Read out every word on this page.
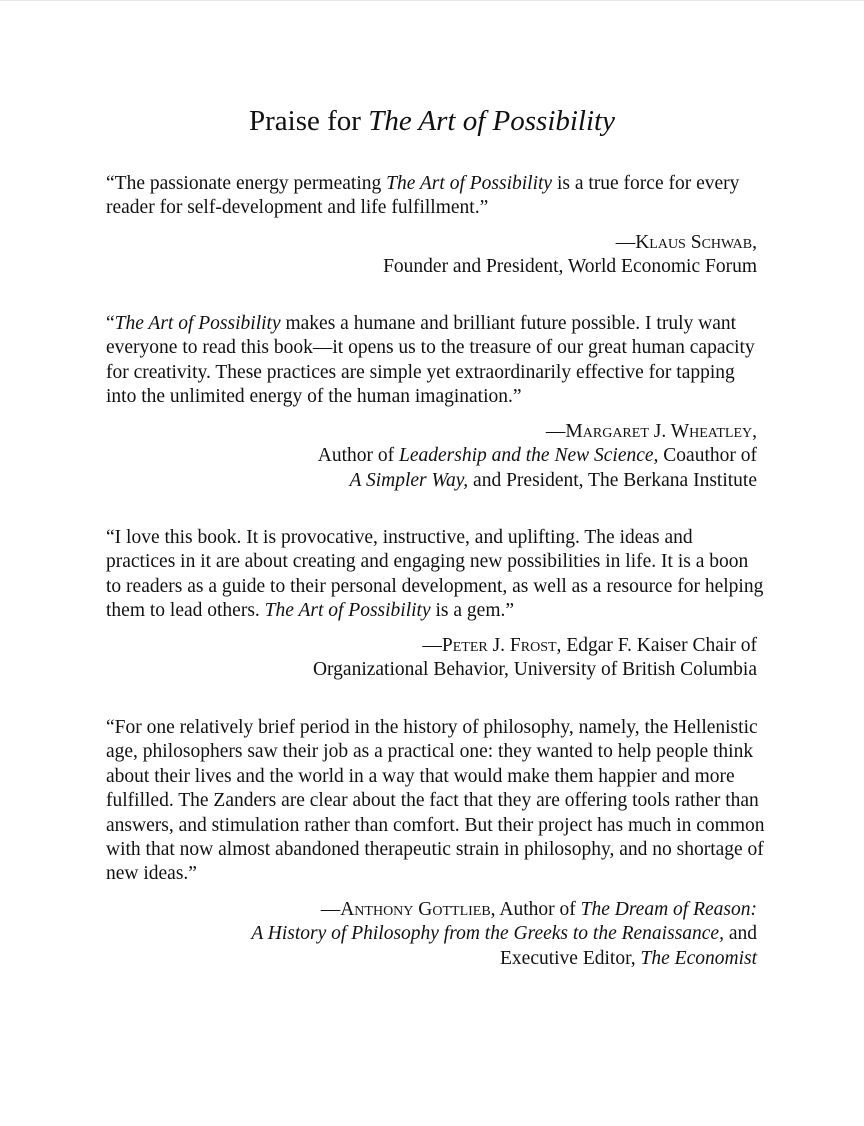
Praise for The Art of Possibility

“The passionate energy permeating The Art of Possibility is a true force for every reader for self-development and life fulfillment.”

—Klaus Schwab,
Founder and President, World Economic Forum

“The Art of Possibility makes a humane and brilliant future possible. I truly want everyone to read this book—it opens us to the treasure of our great human capacity for creativity. These practices are simple yet extraordinarily effective for tapping into the unlimited energy of the human imagination.”

—Margaret J. Wheatley,
Author of Leadership and the New Science, Coauthor of
A Simpler Way, and President, The Berkana Institute

“I love this book. It is provocative, instructive, and uplifting. The ideas and practices in it are about creating and engaging new possibilities in life. It is a boon to readers as a guide to their personal development, as well as a resource for helping them to lead others. The Art of Possibility is a gem.”

—Peter J. Frost, Edgar F. Kaiser Chair of
Organizational Behavior, University of British Columbia

“For one relatively brief period in the history of philosophy, namely, the Hellenistic age, philosophers saw their job as a practical one: they wanted to help people think about their lives and the world in a way that would make them happier and more fulfilled. The Zanders are clear about the fact that they are offering tools rather than answers, and stimulation rather than comfort. But their project has much in common with that now almost abandoned therapeutic strain in philosophy, and no shortage of new ideas.”

—Anthony Gottlieb, Author of The Dream of Reason:
A History of Philosophy from the Greeks to the Renaissance, and
Executive Editor, The Economist
